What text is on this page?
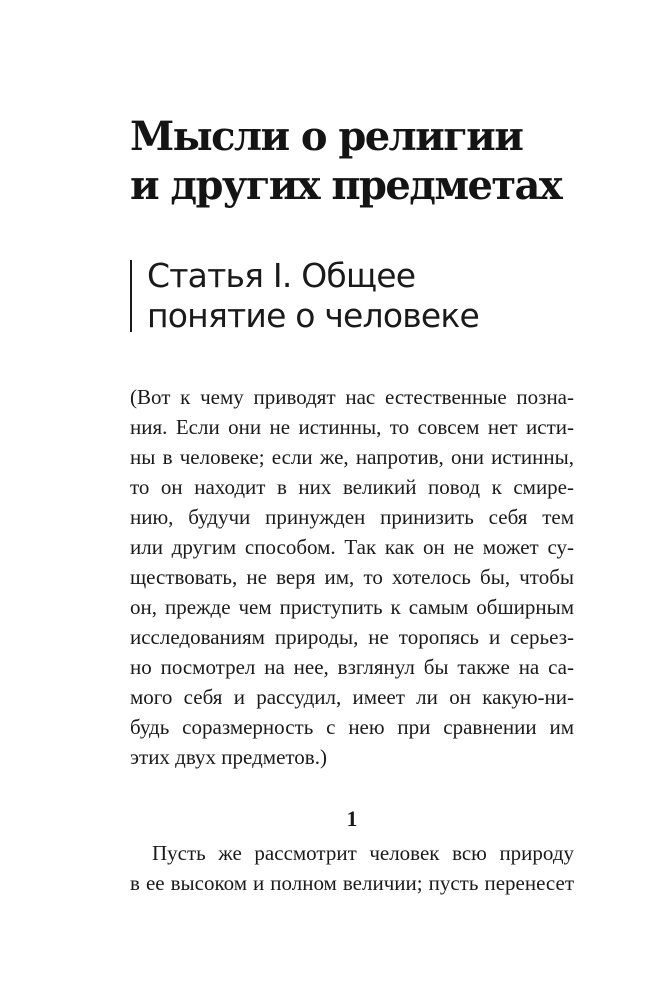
Мысли о религии
и других предметах
Статья I. Общее
понятие о человеке
(Вот к чему приводят нас естественные позна-
ния. Если они не истинны, то совсем нет исти-
ны в человеке; если же, напротив, они истинны,
то он находит в них великий повод к смире-
нию, будучи принужден принизить себя тем
или другим способом. Так как он не может су-
ществовать, не веря им, то хотелось бы, чтобы
он, прежде чем приступить к самым обширным
исследованиям природы, не торопясь и серьез-
но посмотрел на нее, взглянул бы также на са-
мого себя и рассудил, имеет ли он какую-ни-
будь соразмерность с нею при сравнении им
этих двух предметов.)
1
Пусть же рассмотрит человек всю природу
в ее высоком и полном величии; пусть перенесет
